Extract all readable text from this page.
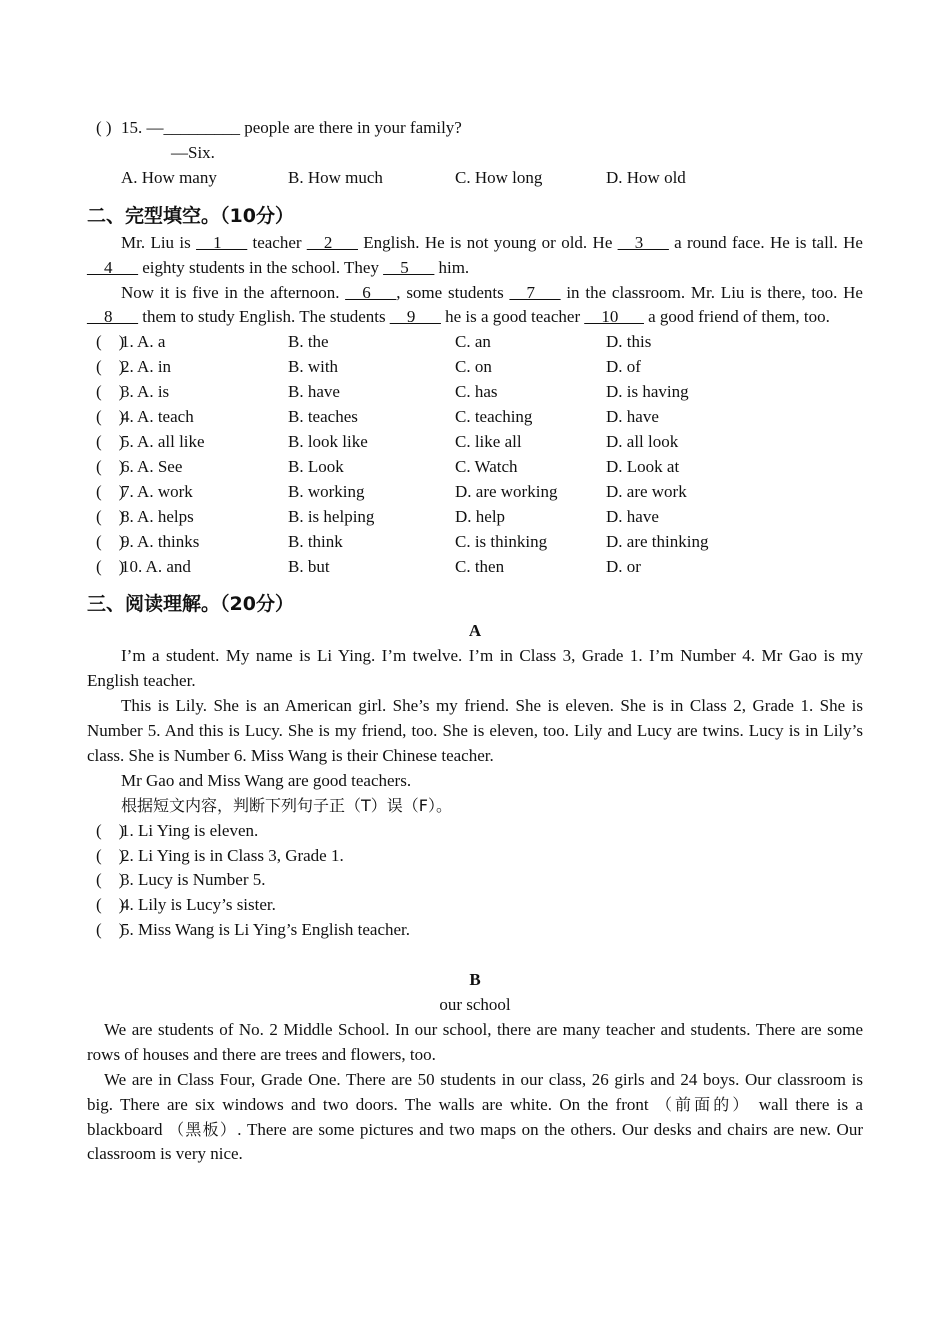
( ) 15. —_________ people are there in your family?
—Six.
A. How many	B. How much	C. How long	D. How old
二、完型填空。（10分）
Mr. Liu is __1___ teacher __2___ English. He is not young or old. He __3___ a round face. He is tall. He __4___ eighty students in the school. They __5___ him.
Now it is five in the afternoon. __6___, some students __7___ in the classroom. Mr. Liu is there, too. He __8___ them to study English. The students __9___ he is a good teacher __10___ a good friend of them, too.
(    )
1. A. a	B. the	C. an	D. this
(    )
2. A. in	B. with	C. on	D. of
(    )
3. A. is	B. have	C. has	D. is having
(    )
4. A. teach	B. teaches	C. teaching	D. have
(    )
5. A. all like	B. look like	C. like all	D. all look
(    )
6. A. See	B. Look	C. Watch	D. Look at
(    )
7. A. work	B. working	D. are working	D. are work
(    )
8. A. helps	B. is helping	D. help	D. have
(    )
9. A. thinks	B. think	C. is thinking	D. are thinking
(    )
10. A. and	B. but	C. then	D. or
三、阅读理解。（20分）
A
I’m a student. My name is Li Ying. I’m twelve. I’m in Class 3, Grade 1. I’m Number 4. Mr Gao is my English teacher.
This is Lily. She is an American girl. She’s my friend. She is eleven. She is in Class 2, Grade 1. She is Number 5. And this is Lucy. She is my friend, too. She is eleven, too. Lily and Lucy are twins. Lucy is in Lily’s class. She is Number 6. Miss Wang is their Chinese teacher.
Mr Gao and Miss Wang are good teachers.
根据短文内容，判断下列句子正（T）误（F）。
(    )
1. Li Ying is eleven.
(    )
2. Li Ying is in Class 3, Grade 1.
(    )
3. Lucy is Number 5.
(    )
4. Lily is Lucy’s sister.
(    )
5. Miss Wang is Li Ying’s English teacher.
B
our school
We are students of No. 2 Middle School. In our school, there are many teacher and students. There are some rows of houses and there are trees and flowers, too.
We are in Class Four, Grade One. There are 50 students in our class, 26 girls and 24 boys. Our classroom is big. There are six windows and two doors. The walls are white. On the front （前面的） wall there is a blackboard （黑板）. There are some pictures and two maps on the others. Our desks and chairs are new. Our classroom is very nice.
